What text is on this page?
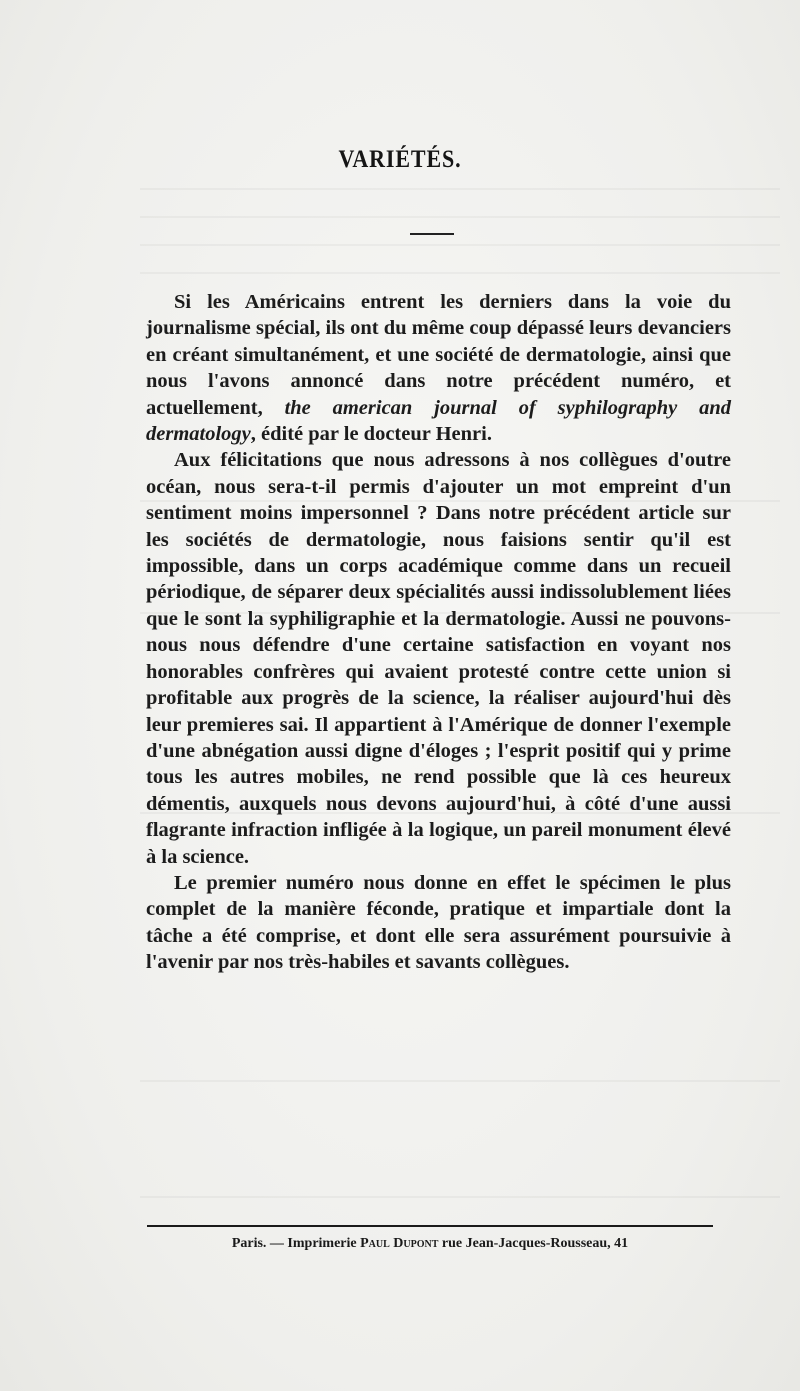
VARIÉTÉS.

Si les Américains entrent les derniers dans la voie du journalisme spécial, ils ont du même coup dépassé leurs devanciers en créant simultanément, et une société de dermatologie, ainsi que nous l'avons annoncé dans notre précédent numéro, et actuellement, the american journal of syphilography and dermatology, édité par le docteur Henri.

Aux félicitations que nous adressons à nos collègues d'outre océan, nous sera-t-il permis d'ajouter un mot empreint d'un sentiment moins impersonnel ? Dans notre précédent article sur les sociétés de dermatologie, nous faisions sentir qu'il est impossible, dans un corps académique comme dans un recueil périodique, de séparer deux spécialités aussi indissolublement liées que le sont la syphiligraphie et la dermatologie. Aussi ne pouvons-nous nous défendre d'une certaine satisfaction en voyant nos honorables confrères qui avaient protesté contre cette union si profitable aux progrès de la science, la réaliser aujourd'hui dès leur premieres sai. Il appartient à l'Amérique de donner l'exemple d'une abnégation aussi digne d'éloges ; l'esprit positif qui y prime tous les autres mobiles, ne rend possible que là ces heureux démentis, auxquels nous devons aujourd'hui, à côté d'une aussi flagrante infraction infligée à la logique, un pareil monument élevé à la science.

Le premier numéro nous donne en effet le spécimen le plus complet de la manière féconde, pratique et impartiale dont la tâche a été comprise, et dont elle sera assurément poursuivie à l'avenir par nos très-habiles et savants collègues.

Paris. — Imprimerie Paul Dupont rue Jean-Jacques-Rousseau, 41
